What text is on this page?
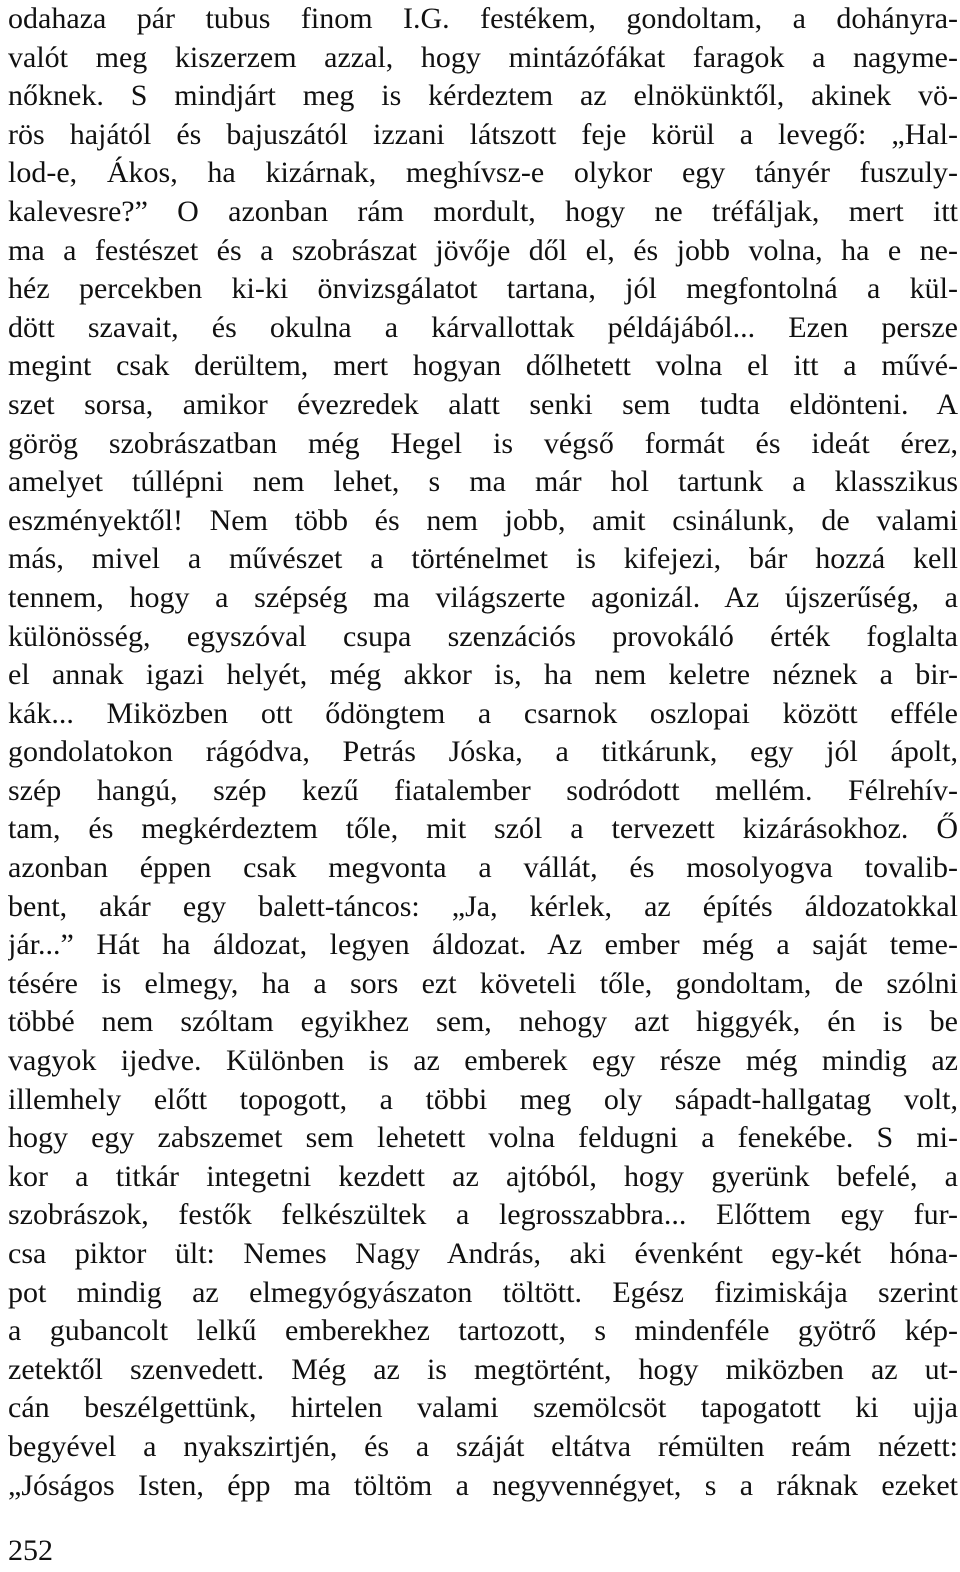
odahaza pár tubus finom I.G. festékem, gondoltam, a dohányra-
valót meg kiszerzem azzal, hogy mintázófákat faragok a nagyme-
nőknek. S mindjárt meg is kérdeztem az elnökünktől, akinek vö-
rös hajától és bajuszától izzani látszott feje körül a levegő: „Hal-
lod-e, Ákos, ha kizárnak, meghívsz-e olykor egy tányér fuszuly-
kalevesre?” O azonban rám mordult, hogy ne tréfáljak, mert itt
ma a festészet és a szobrászat jövője dől el, és jobb volna, ha e ne-
héz percekben ki-ki önvizsgálatot tartana, jól megfontolná a kül-
dött szavait, és okulna a kárvallottak példájából... Ezen persze
megint csak derültem, mert hogyan dőlhetett volna el itt a művé-
szet sorsa, amikor évezredek alatt senki sem tudta eldönteni. A
görög szobrászatban még Hegel is végső formát és ideát érez,
amelyet túllépni nem lehet, s ma már hol tartunk a klasszikus
eszményektől! Nem több és nem jobb, amit csinálunk, de valami
más, mivel a művészet a történelmet is kifejezi, bár hozzá kell
tennem, hogy a szépség ma világszerte agonizál. Az újszerűség, a
különösség, egyszóval csupa szenzációs provokáló érték foglalta
el annak igazi helyét, még akkor is, ha nem keletre néznek a bir-
kák... Miközben ott ődöngtem a csarnok oszlopai között efféle
gondolatokon rágódva, Petrás Jóska, a titkárunk, egy jól ápolt,
szép hangú, szép kezű fiatalember sodródott mellém. Félrehív-
tam, és megkérdeztem tőle, mit szól a tervezett kizárásokhoz. Ő
azonban éppen csak megvonta a vállát, és mosolyogva tovalib-
bent, akár egy balett-táncos: „Ja, kérlek, az építés áldozatokkal
jár...” Hát ha áldozat, legyen áldozat. Az ember még a saját teme-
tésére is elmegy, ha a sors ezt követeli tőle, gondoltam, de szólni
többé nem szóltam egyikhez sem, nehogy azt higgyék, én is be
vagyok ijedve. Különben is az emberek egy része még mindig az
illemhely előtt topogott, a többi meg oly sápadt-hallgatag volt,
hogy egy zabszemet sem lehetett volna feldugni a fenekébe. S mi-
kor a titkár integetni kezdett az ajtóból, hogy gyerünk befelé, a
szobrászok, festők felkészültek a legrosszabbra... Előttem egy fur-
csa piktor ült: Nemes Nagy András, aki évenként egy-két hóna-
pot mindig az elmegyógyászaton töltött. Egész fizimiskája szerint
a gubancolt lelkű emberekhez tartozott, s mindenféle gyötrő kép-
zetektől szenvedett. Még az is megtörtént, hogy miközben az ut-
cán beszélgettünk, hirtelen valami szemölcsöt tapogatott ki ujja
begyével a nyakszirtjén, és a száját eltátva rémülten reám nézett:
„Jóságos Isten, épp ma töltöm a negyvennégyet, s a ráknak ezeket
252
